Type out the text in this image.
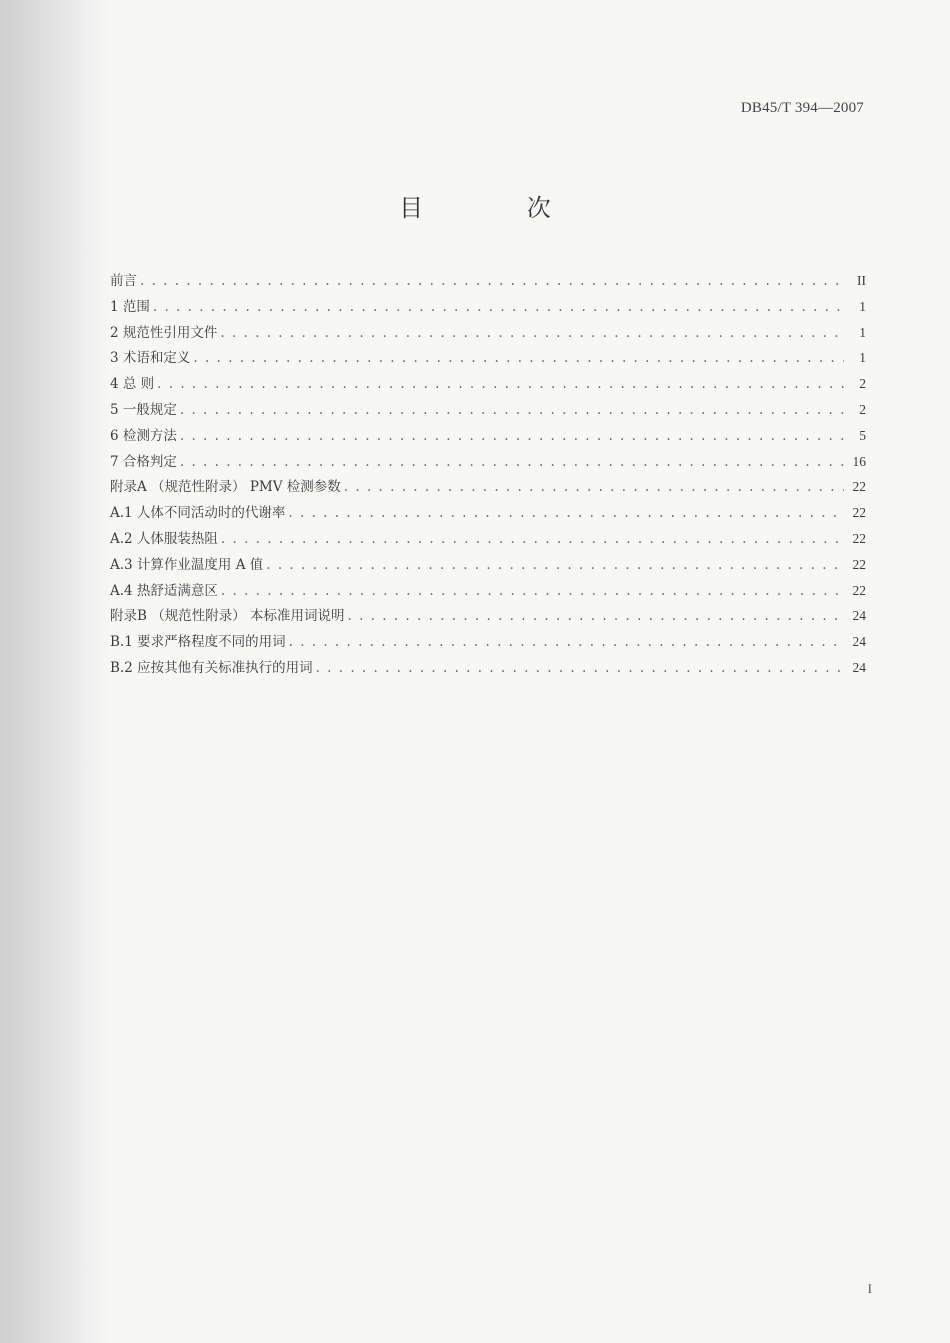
DB45/T 394—2007
目 次
前言 . . .	II
1 范围 . . .	1
2 规范性引用文件 . . .	1
3 术语和定义 . . .	1
4 总 则 . . .	2
5 一般规定 . . .	2
6 检测方法 . . .	5
7 合格判定 . . .	16
附录A （规范性附录） PMV 检测参数 . . .	22
A.1 人体不同活动时的代谢率 . . .	22
A.2 人体服装热阻 . . .	22
A.3 计算作业温度用 A 值 . . .	22
A.4 热舒适满意区 . . .	22
附录B （规范性附录） 本标准用词说明 . . .	24
B.1 要求严格程度不同的用词 . . .	24
B.2 应按其他有关标准执行的用词 . . .	24
I
